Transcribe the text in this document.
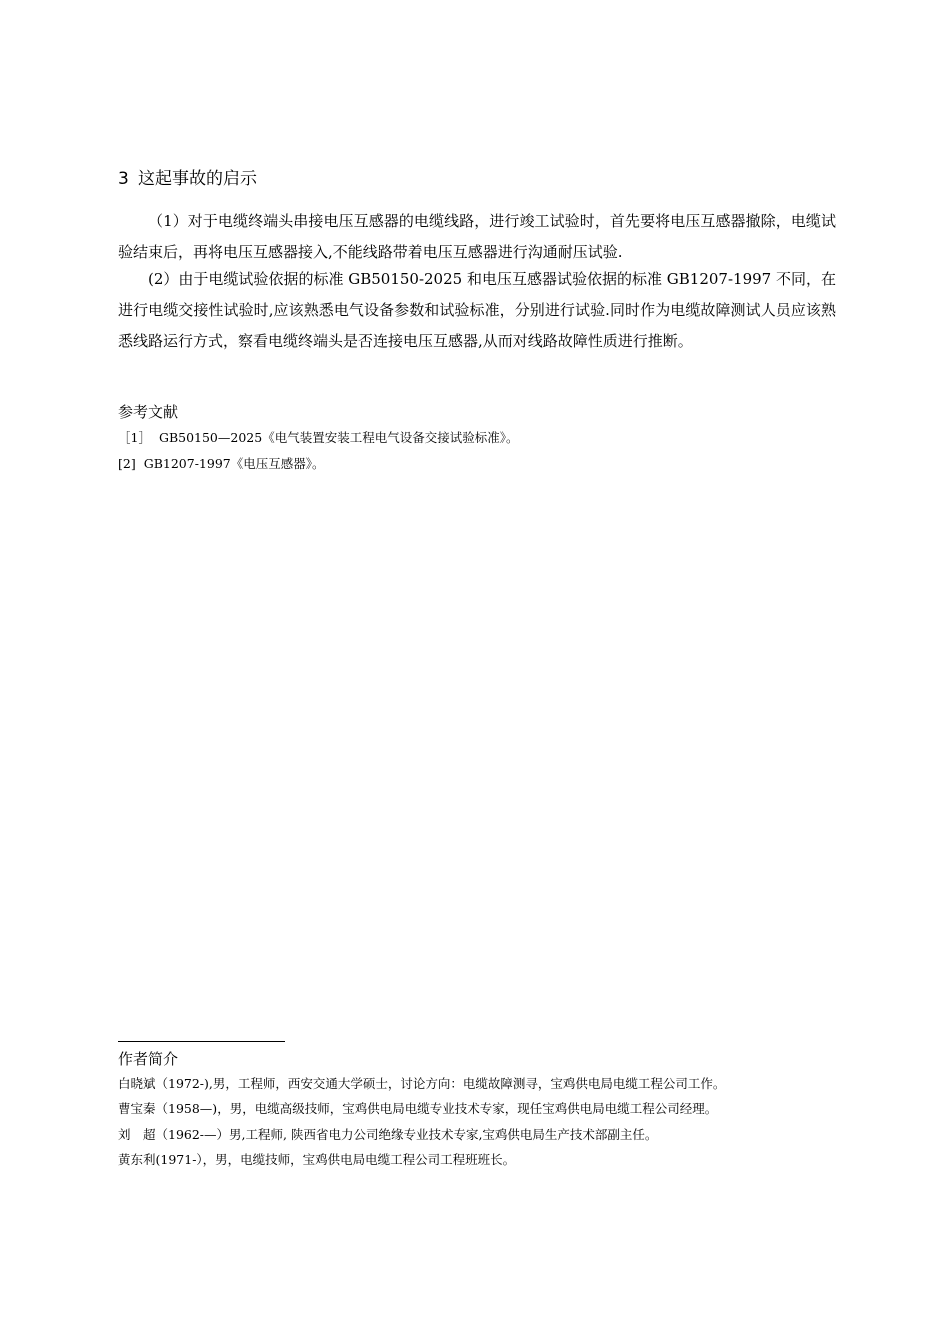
3 这起事故的启示

（1）对于电缆终端头串接电压互感器的电缆线路，进行竣工试验时，首先要将电压互感器撤除，电缆试验结束后，再将电压互感器接入,不能线路带着电压互感器进行沟通耐压试验.

(2）由于电缆试验依据的标准 GB50150-2025 和电压互感器试验依据的标准 GB1207-1997 不同，在进行电缆交接性试验时,应该熟悉电气设备参数和试验标准，分别进行试验.同时作为电缆故障测试人员应该熟悉线路运行方式，察看电缆终端头是否连接电压互感器,从而对线路故障性质进行推断。

参考文献
［1］ GB50150—2025《电气装置安装工程电气设备交接试验标准》。
[2] GB1207-1997《电压互感器》。
作者简介
白晓斌（1972-),男，工程师，西安交通大学硕士，讨论方向：电缆故障测寻，宝鸡供电局电缆工程公司工作。
曹宝秦（1958—)，男，电缆高级技师，宝鸡供电局电缆专业技术专家，现任宝鸡供电局电缆工程公司经理。
刘　超（1962-—）男,工程师, 陕西省电力公司绝缘专业技术专家,宝鸡供电局生产技术部副主任。
黄东利(1971-），男，电缆技师，宝鸡供电局电缆工程公司工程班班长。
